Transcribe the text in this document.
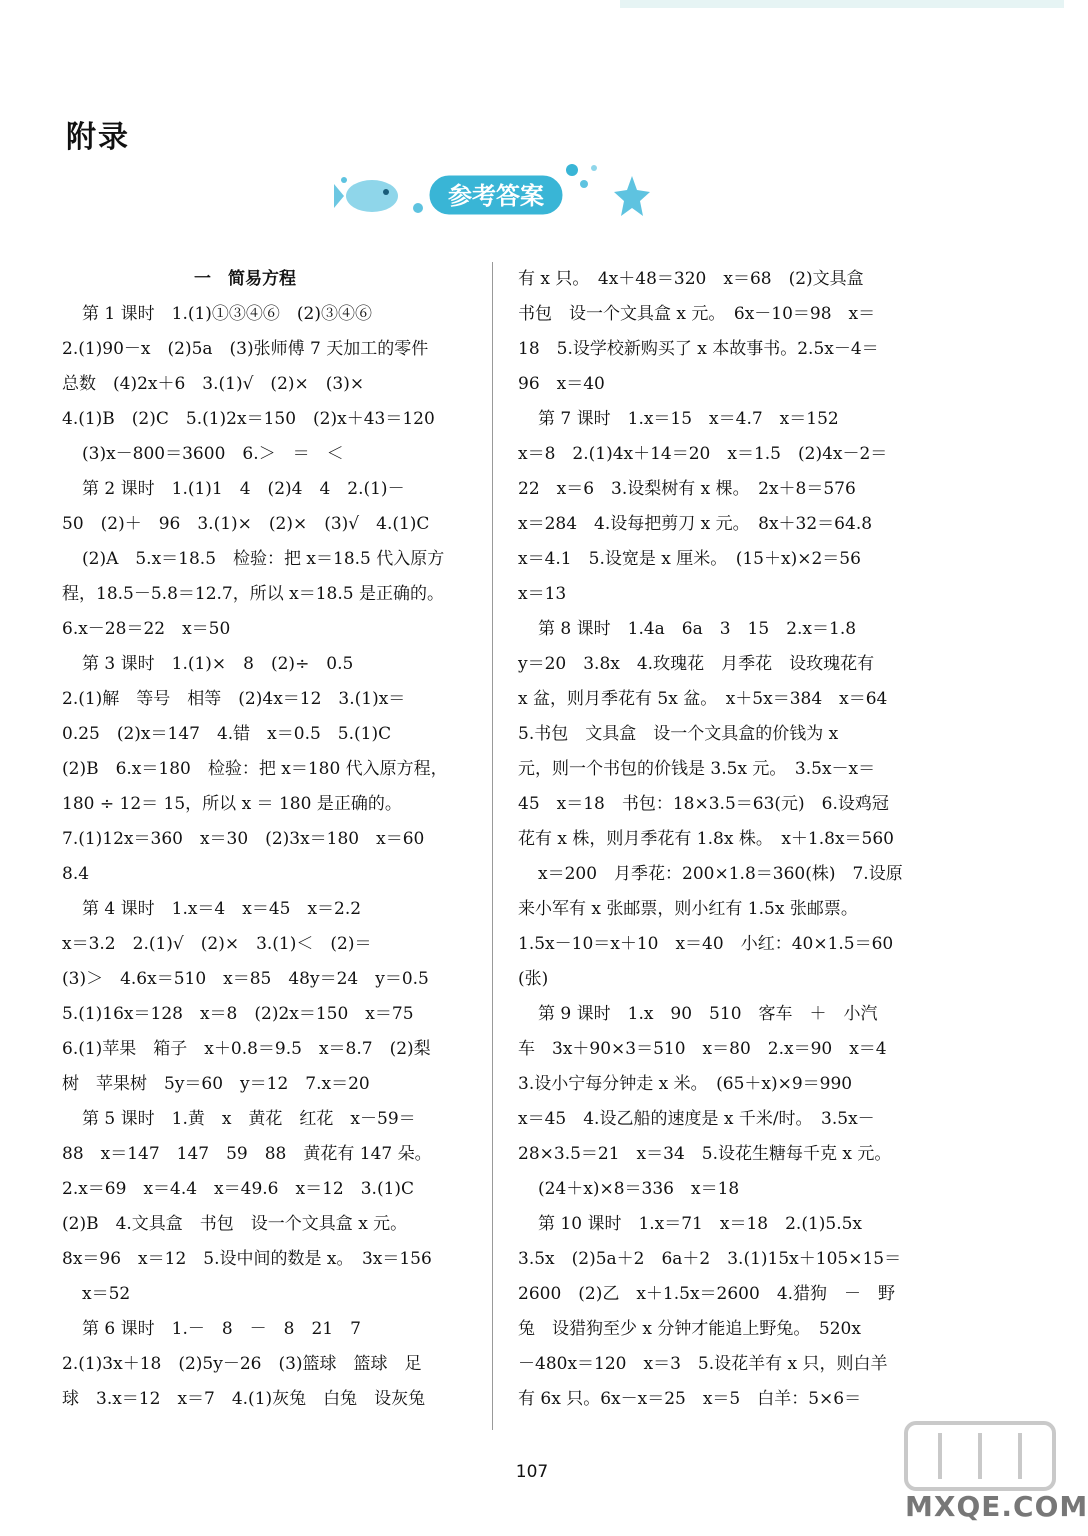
附录
参考答案
一　简易方程
第 1 课时　1.(1)①③④⑥　(2)③④⑥
2.(1)90－x　(2)5a　(3)张师傅 7 天加工的零件
总数　(4)2x＋6　3.(1)√　(2)×　(3)×
4.(1)B　(2)C　5.(1)2x＝150　(2)x＋43＝120
(3)x－800＝3600　6.＞　＝　＜
第 2 课时　1.(1)1　4　(2)4　4　2.(1)－
50　(2)＋　96　3.(1)×　(2)×　(3)√　4.(1)C
(2)A　5.x＝18.5　检验：把 x＝18.5 代入原方
程，18.5－5.8＝12.7，所以 x＝18.5 是正确的。
6.x－28＝22　x＝50
第 3 课时　1.(1)×　8　(2)÷　0.5
2.(1)解　等号　相等　(2)4x＝12　3.(1)x＝
0.25　(2)x＝147　4.错　x＝0.5　5.(1)C
(2)B　6.x＝180　检验：把 x＝180 代入原方程，
180 ÷ 12＝ 15，所以 x ＝ 180 是正确的。
7.(1)12x＝360　x＝30　(2)3x＝180　x＝60
8.4
第 4 课时　1.x＝4　x＝45　x＝2.2
x＝3.2　2.(1)√　(2)×　3.(1)＜　(2)＝
(3)＞　4.6x＝510　x＝85　48y＝24　y＝0.5
5.(1)16x＝128　x＝8　(2)2x＝150　x＝75
6.(1)苹果　箱子　x＋0.8＝9.5　x＝8.7　(2)梨
树　苹果树　5y＝60　y＝12　7.x＝20
第 5 课时　1.黄　x　黄花　红花　x－59＝
88　x＝147　147　59　88　黄花有 147 朵。
2.x＝69　x＝4.4　x＝49.6　x＝12　3.(1)C
(2)B　4.文具盒　书包　设一个文具盒 x 元。
8x＝96　x＝12　5.设中间的数是 x。　3x＝156
x＝52
第 6 课时　1.－　8　－　8　21　7
2.(1)3x＋18　(2)5y－26　(3)篮球　篮球　足
球　3.x＝12　x＝7　4.(1)灰兔　白兔　设灰兔
有 x 只。　4x＋48＝320　x＝68　(2)文具盒
书包　设一个文具盒 x 元。　6x－10＝98　x＝
18　5.设学校新购买了 x 本故事书。2.5x－4＝
96　x＝40
第 7 课时　1.x＝15　x＝4.7　x＝152
x＝8　2.(1)4x＋14＝20　x＝1.5　(2)4x－2＝
22　x＝6　3.设梨树有 x 棵。　2x＋8＝576
x＝284　4.设每把剪刀 x 元。　8x＋32＝64.8
x＝4.1　5.设宽是 x 厘米。　(15＋x)×2＝56
x＝13
第 8 课时　1.4a　6a　3　15　2.x＝1.8
y＝20　3.8x　4.玫瑰花　月季花　设玫瑰花有
x 盆，则月季花有 5x 盆。　x＋5x＝384　x＝64
5.书包　文具盒　设一个文具盒的价钱为 x
元，则一个书包的价钱是 3.5x 元。　3.5x－x＝
45　x＝18　书包：18×3.5＝63(元)　6.设鸡冠
花有 x 株，则月季花有 1.8x 株。　x＋1.8x＝560
x＝200　月季花：200×1.8＝360(株)　7.设原
来小军有 x 张邮票，则小红有 1.5x 张邮票。
1.5x－10＝x＋10　x＝40　小红：40×1.5＝60
(张)
第 9 课时　1.x　90　510　客车　＋　小汽
车　3x＋90×3＝510　x＝80　2.x＝90　x＝4
3.设小宁每分钟走 x 米。　(65＋x)×9＝990
x＝45　4.设乙船的速度是 x 千米/时。　3.5x－
28×3.5＝21　x＝34　5.设花生糖每千克 x 元。
(24＋x)×8＝336　x＝18
第 10 课时　1.x＝71　x＝18　2.(1)5.5x
3.5x　(2)5a＋2　6a＋2　3.(1)15x＋105×15＝
2600　(2)乙　x＋1.5x＝2600　4.猎狗　－　野
兔　设猎狗至少 x 分钟才能追上野兔。　520x
－480x＝120　x＝3　5.设花羊有 x 只，则白羊
有 6x 只。6x－x＝25　x＝5　白羊：5×6＝
107
MXQE.COM
